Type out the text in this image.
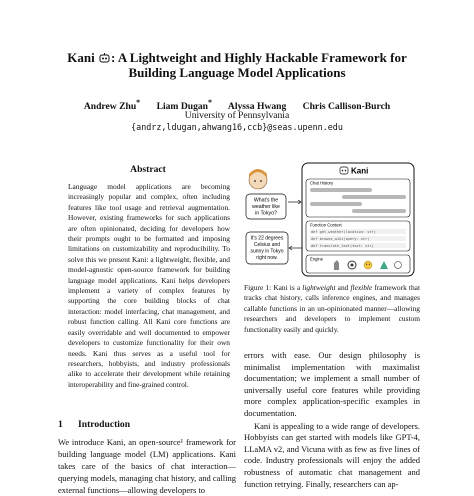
Kani : A Lightweight and Highly Hackable Framework for
Building Language Model Applications
Andrew Zhu* Liam Dugan* Alyssa Hwang Chris Callison-Burch
University of Pennsylvania
{andrz,ldugan,ahwang16,ccb}@seas.upenn.edu
Abstract
Language model applications are becoming increasingly popular and complex, often including features like tool usage and retrieval augmentation. However, existing frameworks for such applications are often opinionated, deciding for developers how their prompts ought to be formatted and imposing limitations on customizability and reproducibility. To solve this we present Kani: a lightweight, flexible, and model-agnostic open-source framework for building language model applications. Kani helps developers implement a variety of complex features by supporting the core building blocks of chat interaction: model interfacing, chat management, and robust function calling. All Kani core functions are easily overridable and well documented to empower developers to customize functionality for their own needs. Kani thus serves as a useful tool for researchers, hobbyists, and industry professionals alike to accelerate their development while retaining interoperability and fine-grained control.
1 Introduction
We introduce Kani, an open-source¹ framework for building language model (LM) applications. Kani takes care of the basics of chat interaction—querying models, managing chat history, and calling external functions—allowing developers to
What's the
weather like
in Tokyo?
It's 22 degrees
Celsius and
sunny in Tokyo
right now.
Kani
Chat History
Function Context
def get_weather(location: str)
def browse_wiki(query: str)
def translate_text(text: str)
Engine
Figure 1: Kani is a lightweight and flexible framework that tracks chat history, calls inference engines, and manages callable functions in an un-opinionated manner—allowing researchers and developers to implement custom functionality easily and quickly.

errors with ease. Our design philosophy is minimalist implementation with maximalist documentation; we implement a small number of universally useful core features while providing more complex application-specific examples in documentation.

Kani is appealing to a wide range of developers. Hobbyists can get started with models like GPT-4, LLaMA v2, and Vicuna with as few as five lines of code. Industry professionals will enjoy the added robustness of automatic chat management and function retrying. Finally, researchers can ap-
